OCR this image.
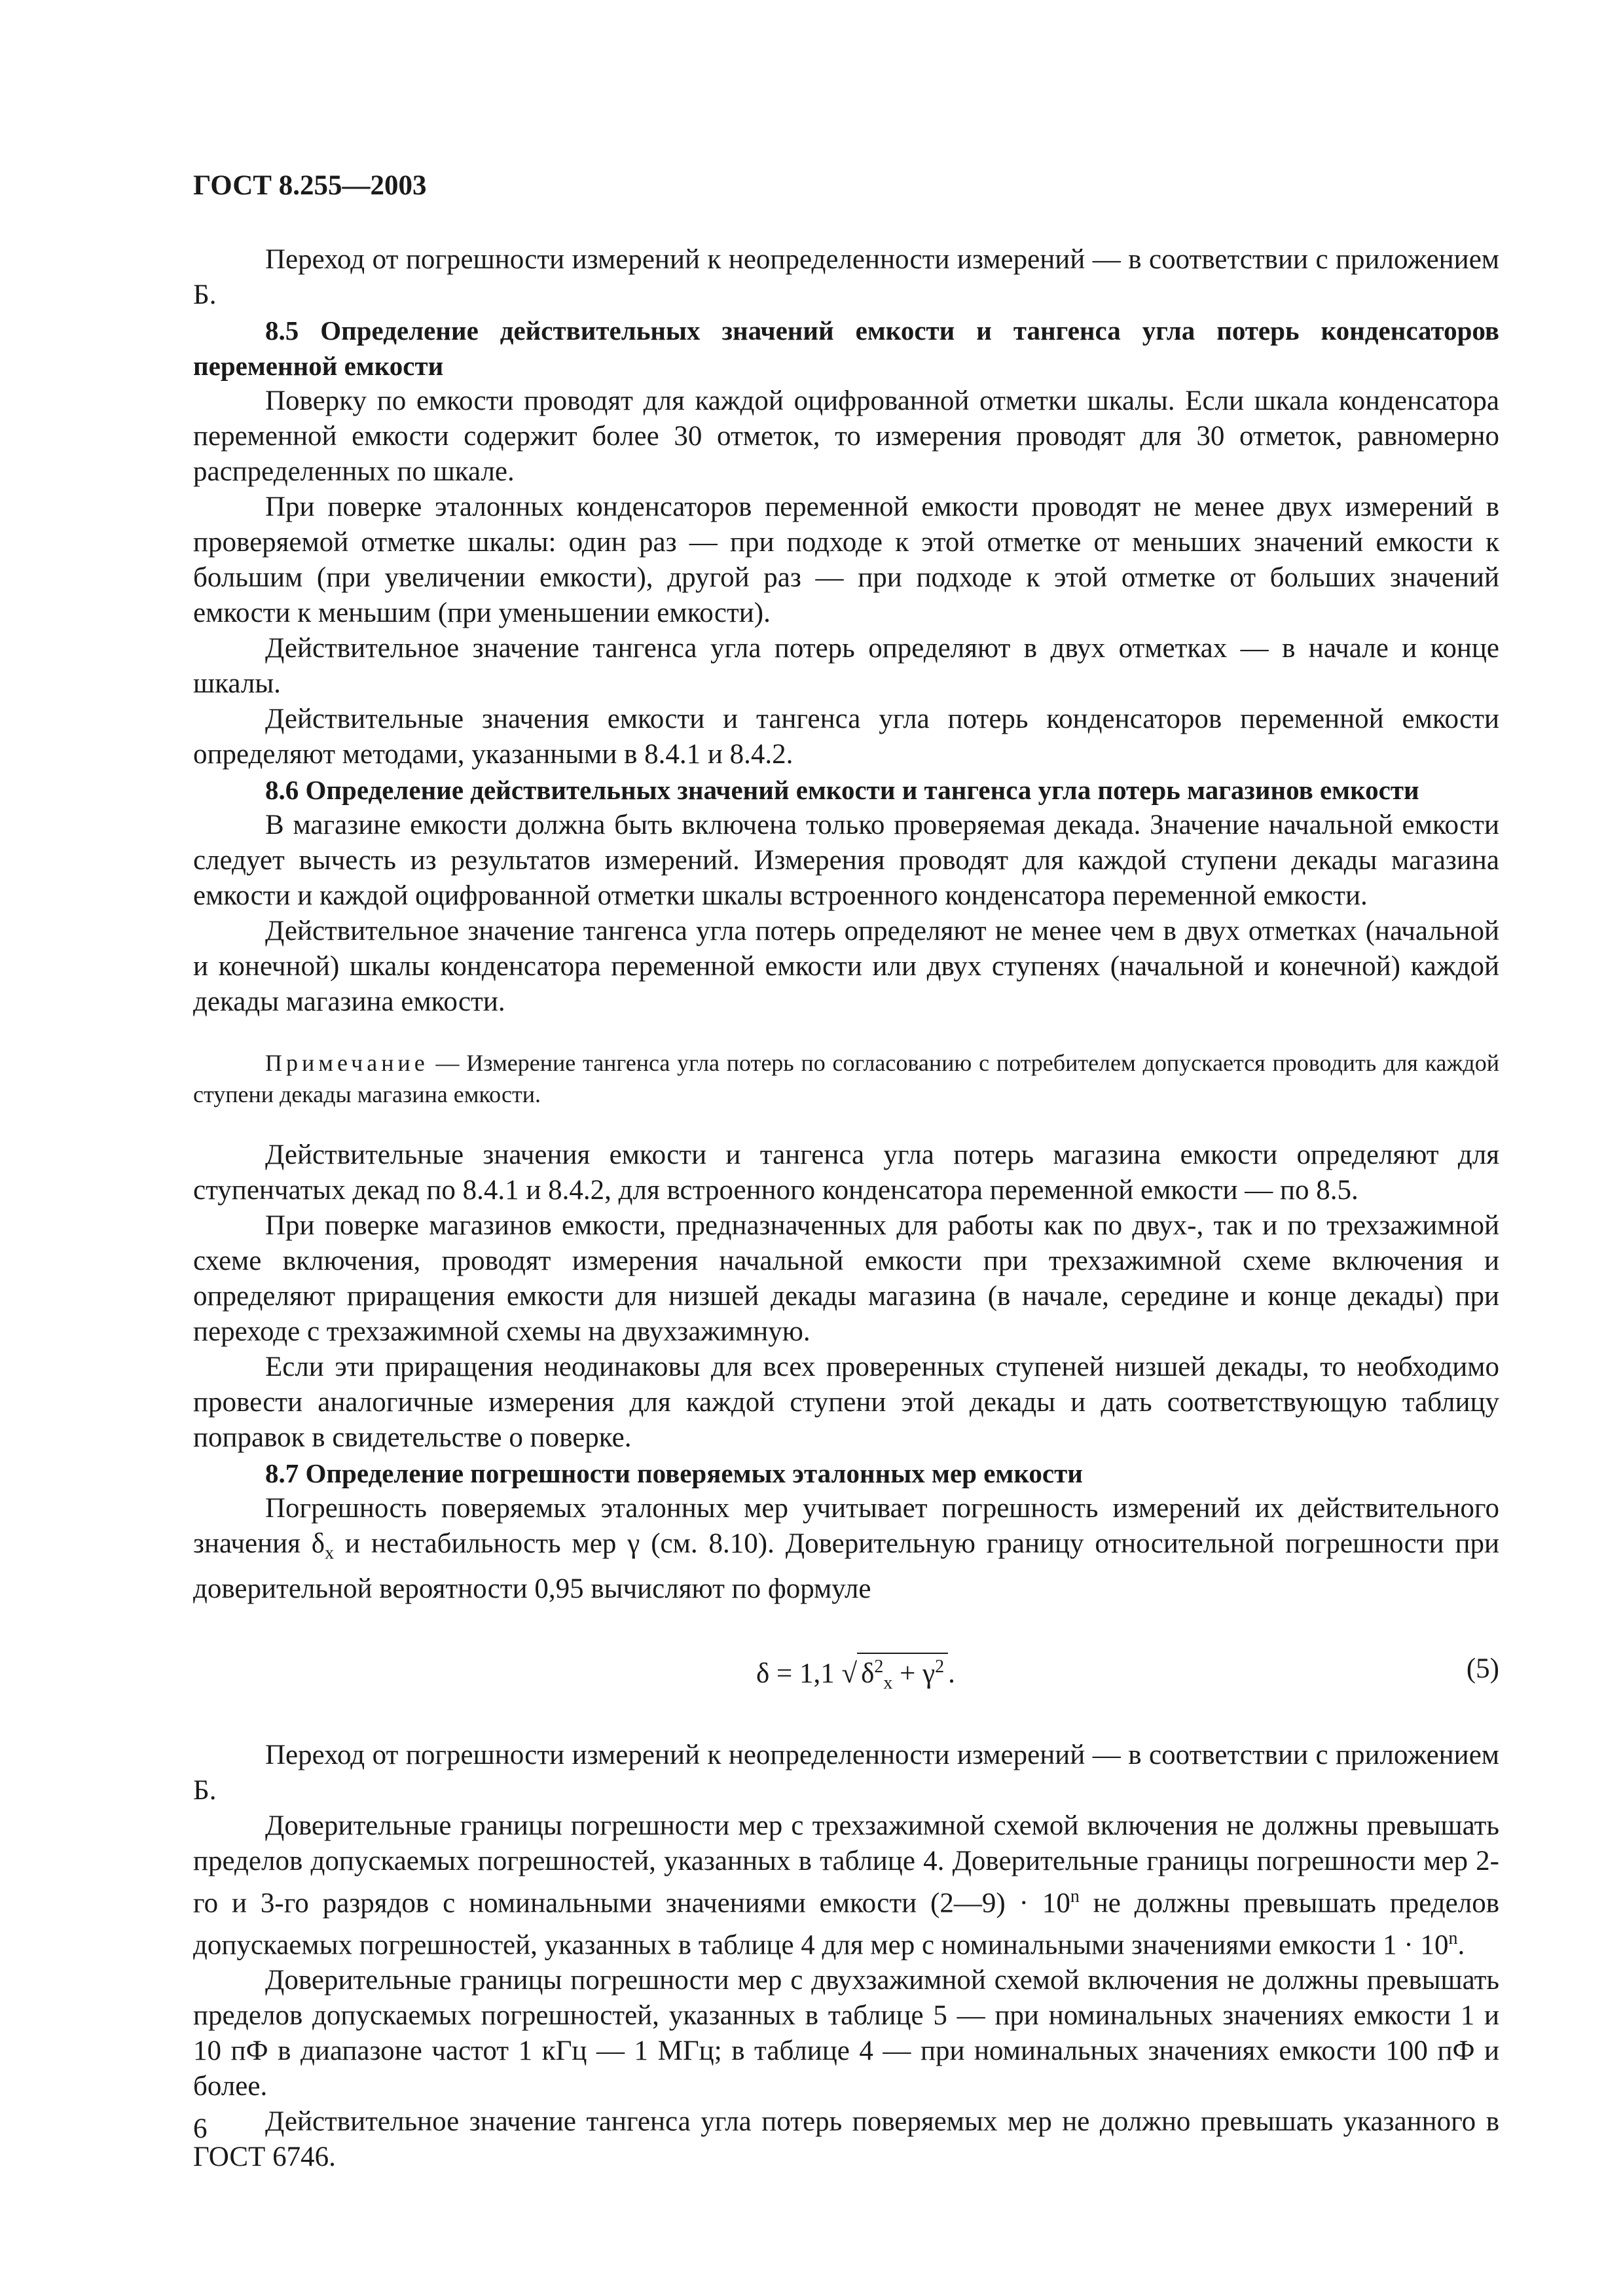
ГОСТ 8.255—2003

Переход от погрешности измерений к неопределенности измерений — в соответствии с приложением Б.

8.5 Определение действительных значений емкости и тангенса угла потерь конденсаторов переменной емкости

Поверку по емкости проводят для каждой оцифрованной отметки шкалы. Если шкала конденсатора переменной емкости содержит более 30 отметок, то измерения проводят для 30 отметок, равномерно распределенных по шкале.

При поверке эталонных конденсаторов переменной емкости проводят не менее двух измерений в проверяемой отметке шкалы: один раз — при подходе к этой отметке от меньших значений емкости к большим (при увеличении емкости), другой раз — при подходе к этой отметке от больших значений емкости к меньшим (при уменьшении емкости).

Действительное значение тангенса угла потерь определяют в двух отметках — в начале и конце шкалы.

Действительные значения емкости и тангенса угла потерь конденсаторов переменной емкости определяют методами, указанными в 8.4.1 и 8.4.2.

8.6 Определение действительных значений емкости и тангенса угла потерь магазинов емкости

В магазине емкости должна быть включена только проверяемая декада. Значение начальной емкости следует вычесть из результатов измерений. Измерения проводят для каждой ступени декады магазина емкости и каждой оцифрованной отметки шкалы встроенного конденсатора переменной емкости.

Действительное значение тангенса угла потерь определяют не менее чем в двух отметках (начальной и конечной) шкалы конденсатора переменной емкости или двух ступенях (начальной и конечной) каждой декады магазина емкости.

Примечание — Измерение тангенса угла потерь по согласованию с потребителем допускается проводить для каждой ступени декады магазина емкости.

Действительные значения емкости и тангенса угла потерь магазина емкости определяют для ступенчатых декад по 8.4.1 и 8.4.2, для встроенного конденсатора переменной емкости — по 8.5.

При поверке магазинов емкости, предназначенных для работы как по двух-, так и по трехзажимной схеме включения, проводят измерения начальной емкости при трехзажимной схеме включения и определяют приращения емкости для низшей декады магазина (в начале, середине и конце декады) при переходе с трехзажимной схемы на двухзажимную.

Если эти приращения неодинаковы для всех проверенных ступеней низшей декады, то необходимо провести аналогичные измерения для каждой ступени этой декады и дать соответствующую таблицу поправок в свидетельстве о поверке.

8.7 Определение погрешности поверяемых эталонных мер емкости

Погрешность поверяемых эталонных мер учитывает погрешность измерений их действительного значения $\delta_x$ и нестабильность мер γ (см. 8.10). Доверительную границу относительной погрешности при доверительной вероятности 0,95 вычисляют по формуле

δ = 1,1 √ $\delta^2_x + \gamma^2$ .	(5)

Переход от погрешности измерений к неопределенности измерений — в соответствии с приложением Б.

Доверительные границы погрешности мер с трехзажимной схемой включения не должны превышать пределов допускаемых погрешностей, указанных в таблице 4. Доверительные границы погрешности мер 2-го и 3-го разрядов с номинальными значениями емкости (2—9) · $10^n$ не должны превышать пределов допускаемых погрешностей, указанных в таблице 4 для мер с номинальными значениями емкости $1 \cdot 10^n$.

Доверительные границы погрешности мер с двухзажимной схемой включения не должны превышать пределов допускаемых погрешностей, указанных в таблице 5 — при номинальных значениях емкости 1 и 10 пФ в диапазоне частот 1 кГц — 1 МГц; в таблице 4 — при номинальных значениях емкости 100 пФ и более.

Действительное значение тангенса угла потерь поверяемых мер не должно превышать указанного в ГОСТ 6746.

6
